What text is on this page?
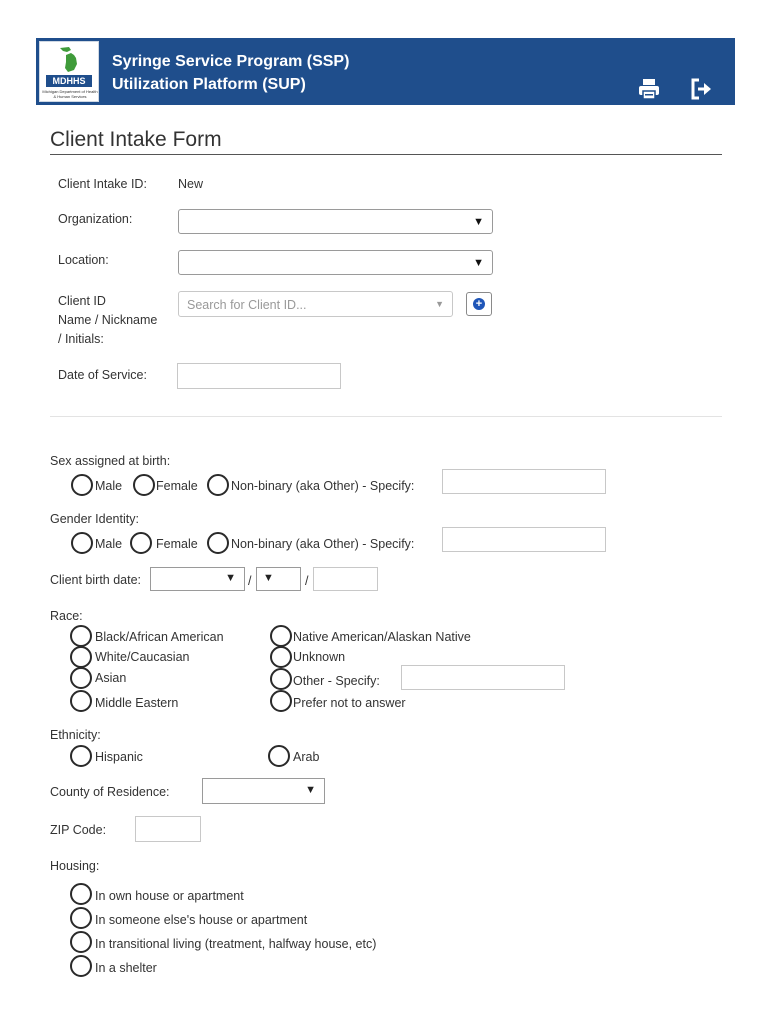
MDHHS
Michigan Department of Health & Human Services
Syringe Service Program (SSP)
Utilization Platform (SUP)
Client Intake Form
Client Intake ID: New
Organization:	▼
Location:	▼
Client ID
Name / Nickname
/ Initials:
Search for Client ID...	▼	+
Date of Service:
Sex assigned at birth:
Male	Female	Non-binary (aka Other) - Specify:
Gender Identity:
Male	Female	Non-binary (aka Other) - Specify:
Client birth date:	▼ / ▼ /
Race:
Black/African American
White/Caucasian
Asian
Middle Eastern
Native American/Alaskan Native
Unknown
Other - Specify:
Prefer not to answer
Ethnicity:
Hispanic	Arab
County of Residence:	▼
ZIP Code:
Housing:
In own house or apartment
In someone else's house or apartment
In transitional living (treatment, halfway house, etc)
In a shelter
